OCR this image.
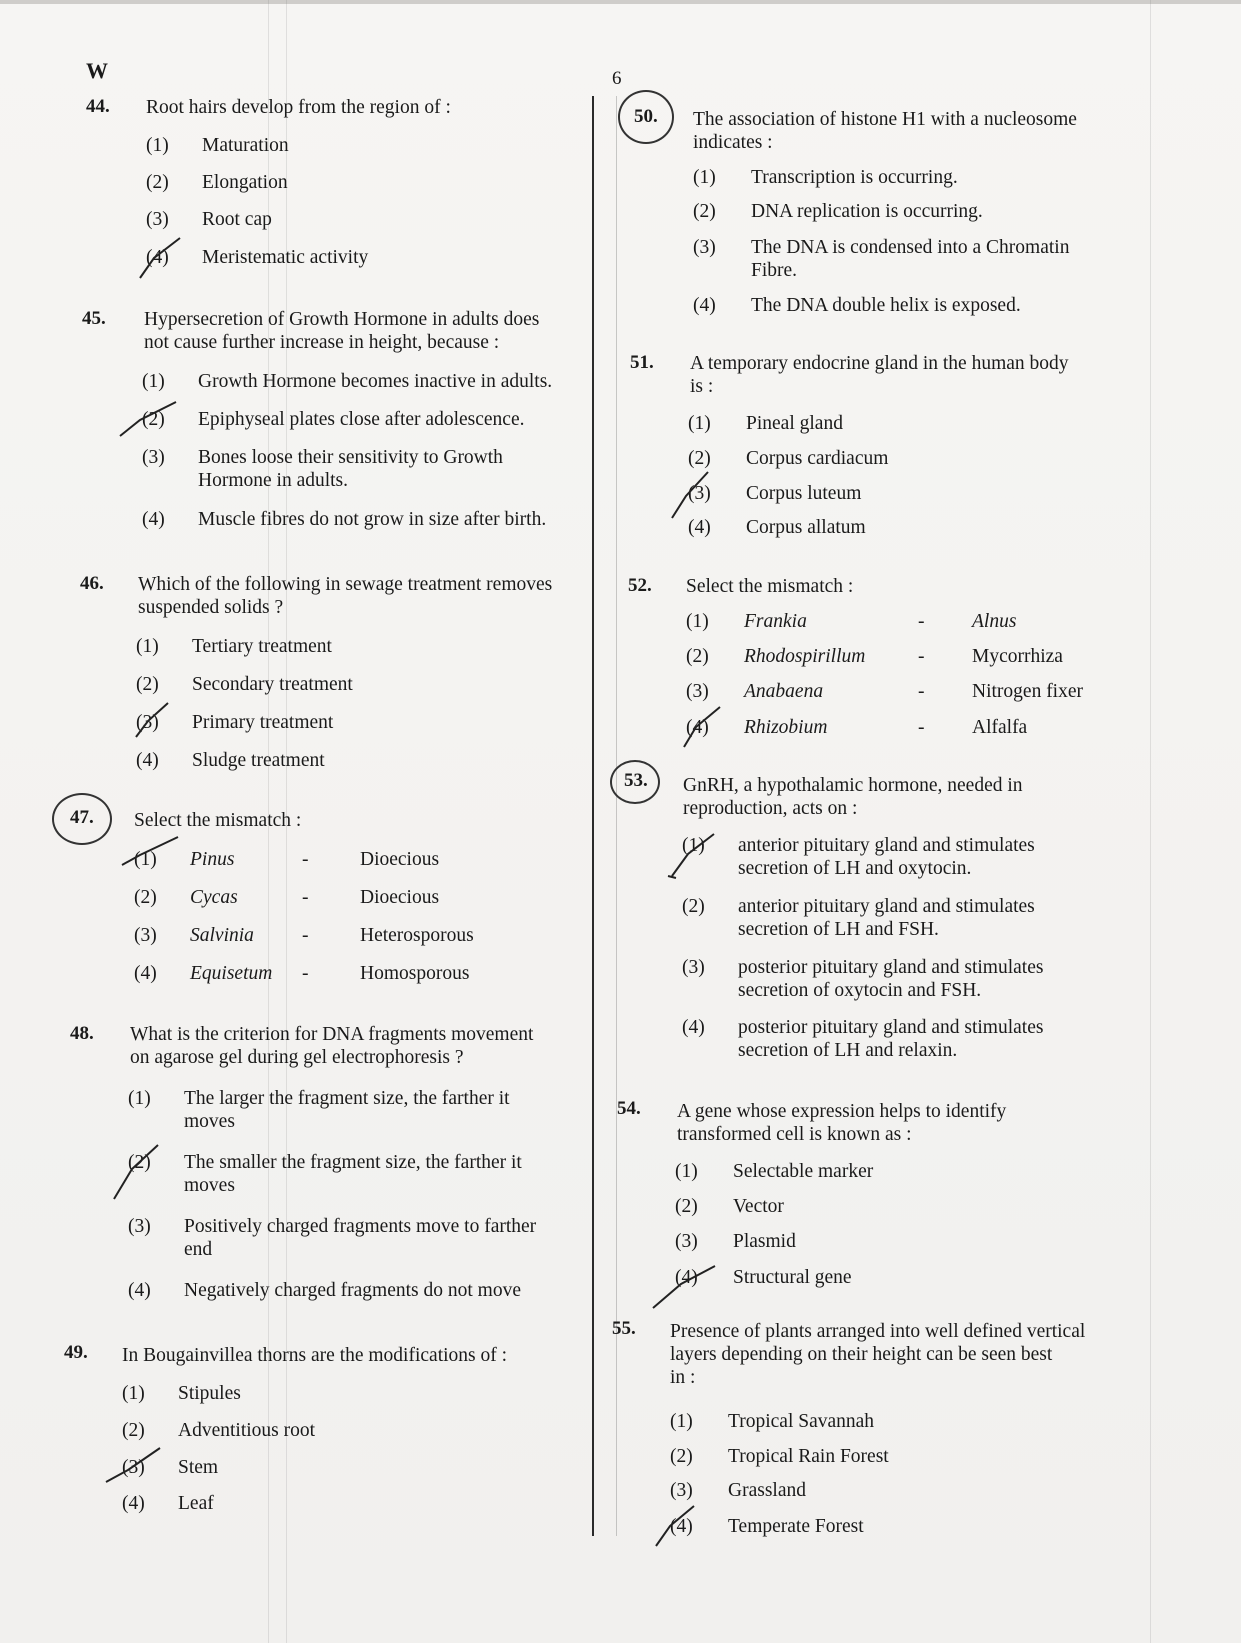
W	6
44. Root hairs develop from the region of :
(1) Maturation
(2) Elongation
(3) Root cap
(4) Meristematic activity
45. Hypersecretion of Growth Hormone in adults does
not cause further increase in height, because :
(1) Growth Hormone becomes inactive in adults.
(2) Epiphyseal plates close after adolescence.
(3) Bones loose their sensitivity to Growth
Hormone in adults.
(4) Muscle fibres do not grow in size after birth.
46. Which of the following in sewage treatment removes
suspended solids ?
(1) Tertiary treatment
(2) Secondary treatment
(3) Primary treatment
(4) Sludge treatment
47. Select the mismatch :
(1) Pinus	-	Dioecious
(2) Cycas	-	Dioecious
(3) Salvinia -	Heterosporous
(4) Equisetum -	Homosporous
48. What is the criterion for DNA fragments movement
on agarose gel during gel electrophoresis ?
(1) The larger the fragment size, the farther it
moves
(2) The smaller the fragment size, the farther it
moves
(3) Positively charged fragments move to farther
end
(4) Negatively charged fragments do not move
49. In Bougainvillea thorns are the modifications of :
(1) Stipules
(2) Adventitious root
(3) Stem
(4) Leaf
50. The association of histone H1 with a nucleosome
indicates :
(1) Transcription is occurring.
(2) DNA replication is occurring.
(3) The DNA is condensed into a Chromatin
Fibre.
(4) The DNA double helix is exposed.
51. A temporary endocrine gland in the human body
is :
(1) Pineal gland
(2) Corpus cardiacum
(3) Corpus luteum
(4) Corpus allatum
52. Select the mismatch :
(1) Frankia	- Alnus
(2) Rhodospirillum	- Mycorrhiza
(3) Anabaena	- Nitrogen fixer
(4) Rhizobium	- Alfalfa
53. GnRH, a hypothalamic hormone, needed in
reproduction, acts on :
(1) anterior pituitary gland and stimulates
secretion of LH and oxytocin.
(2) anterior pituitary gland and stimulates
secretion of LH and FSH.
(3) posterior pituitary gland and stimulates
secretion of oxytocin and FSH.
(4) posterior pituitary gland and stimulates
secretion of LH and relaxin.
54. A gene whose expression helps to identify
transformed cell is known as :
(1) Selectable marker
(2) Vector
(3) Plasmid
(4) Structural gene
55. Presence of plants arranged into well defined vertical
layers depending on their height can be seen best
in :
(1) Tropical Savannah
(2) Tropical Rain Forest
(3) Grassland
(4) Temperate Forest
